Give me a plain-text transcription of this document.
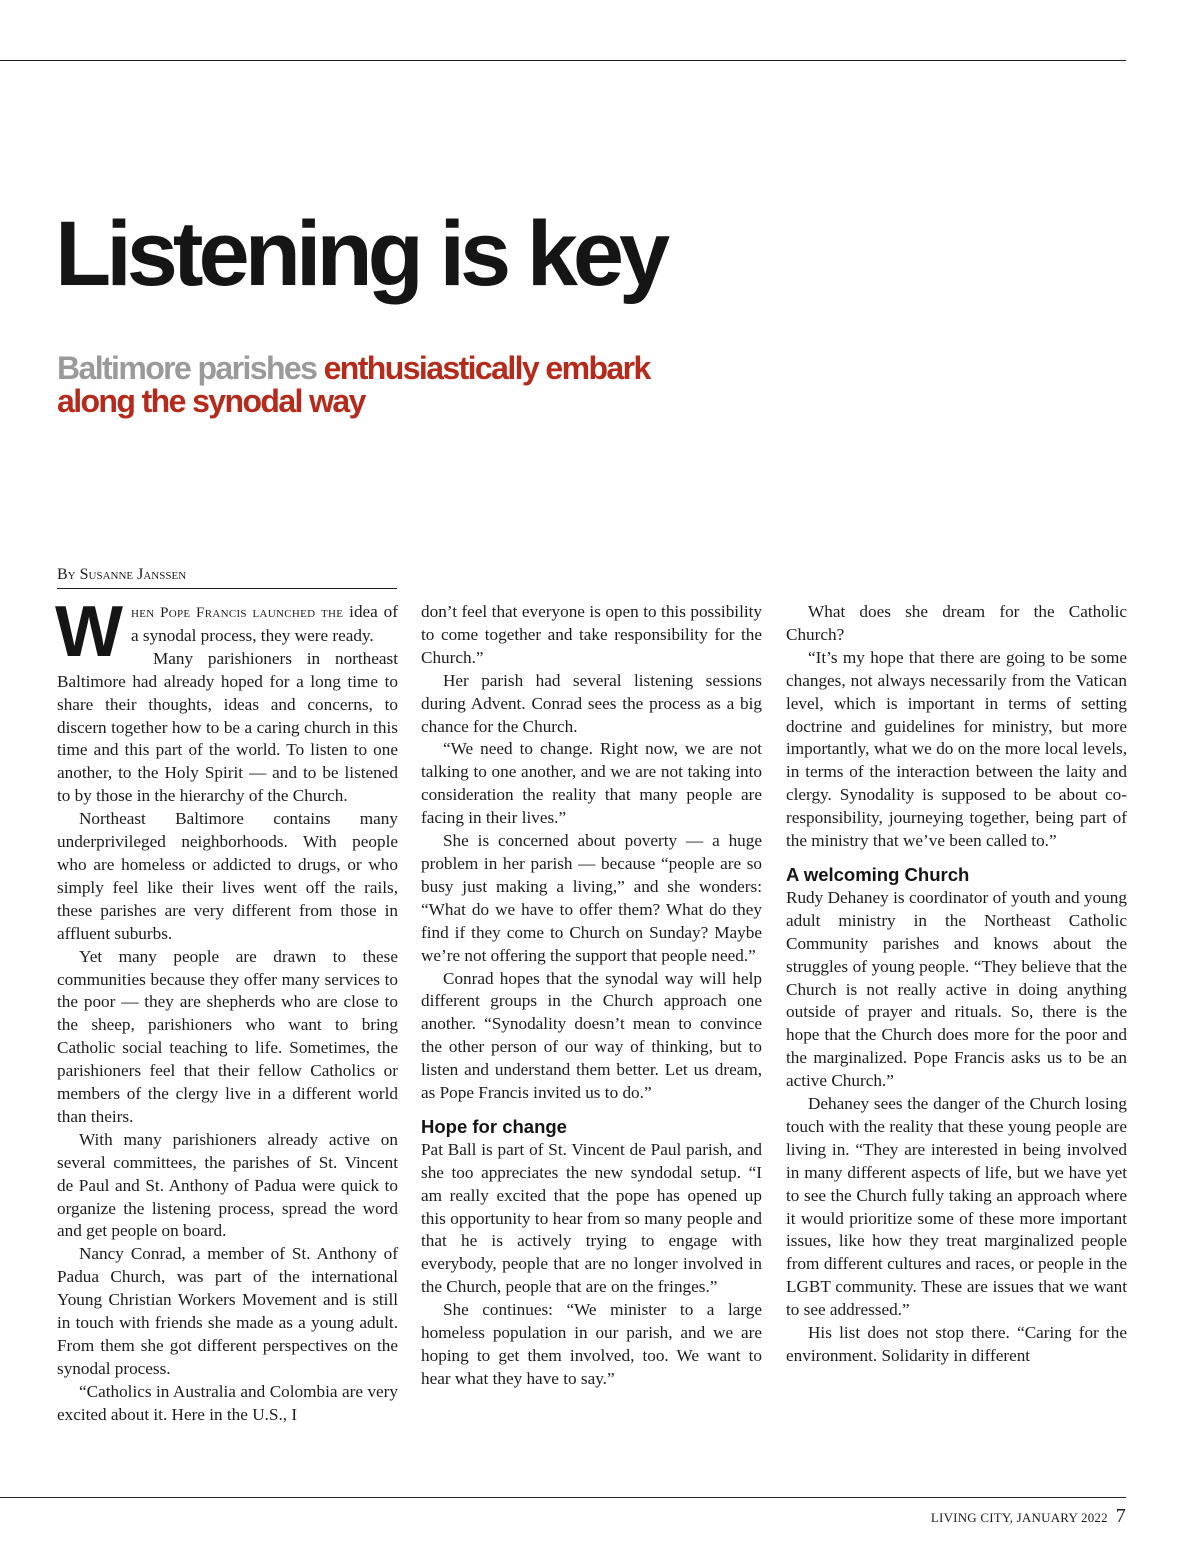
Listening is key
Baltimore parishes enthusiastically embark along the synodal way
By Susanne Janssen

When Pope Francis launched the idea of a synodal process, they were ready.

Many parishioners in northeast Baltimore had already hoped for a long time to share their thoughts, ideas and concerns, to discern together how to be a caring church in this time and this part of the world. To listen to one another, to the Holy Spirit — and to be listened to by those in the hierarchy of the Church.

Northeast Baltimore contains many underprivileged neighborhoods. With people who are homeless or addicted to drugs, or who simply feel like their lives went off the rails, these parishes are very different from those in affluent suburbs.

Yet many people are drawn to these communities because they offer many services to the poor — they are shepherds who are close to the sheep, parishioners who want to bring Catholic social teaching to life. Sometimes, the parishioners feel that their fellow Catholics or members of the clergy live in a different world than theirs.

With many parishioners already active on several committees, the parishes of St. Vincent de Paul and St. Anthony of Padua were quick to organize the listening process, spread the word and get people on board.

Nancy Conrad, a member of St. Anthony of Padua Church, was part of the international Young Christian Workers Movement and is still in touch with friends she made as a young adult. From them she got different perspectives on the synodal process.

“Catholics in Australia and Colombia are very excited about it. Here in the U.S., I

don’t feel that everyone is open to this possibility to come together and take responsibility for the Church.”

Her parish had several listening sessions during Advent. Conrad sees the process as a big chance for the Church.

“We need to change. Right now, we are not talking to one another, and we are not taking into consideration the reality that many people are facing in their lives.”

She is concerned about poverty — a huge problem in her parish — because “people are so busy just making a living,” and she wonders: “What do we have to offer them? What do they find if they come to Church on Sunday? Maybe we’re not offering the support that people need.”

Conrad hopes that the synodal way will help different groups in the Church approach one another. “Synodality doesn’t mean to convince the other person of our way of thinking, but to listen and understand them better. Let us dream, as Pope Francis invited us to do.”

Hope for change

Pat Ball is part of St. Vincent de Paul parish, and she too appreciates the new syndodal setup. “I am really excited that the pope has opened up this opportunity to hear from so many people and that he is actively trying to engage with everybody, people that are no longer involved in the Church, people that are on the fringes.”

She continues: “We minister to a large homeless population in our parish, and we are hoping to get them involved, too. We want to hear what they have to say.”

What does she dream for the Catholic Church?

“It’s my hope that there are going to be some changes, not always necessarily from the Vatican level, which is important in terms of setting doctrine and guidelines for ministry, but more importantly, what we do on the more local levels, in terms of the interaction between the laity and clergy. Synodality is supposed to be about co-responsibility, journeying together, being part of the ministry that we’ve been called to.”

A welcoming Church

Rudy Dehaney is coordinator of youth and young adult ministry in the Northeast Catholic Community parishes and knows about the struggles of young people. “They believe that the Church is not really active in doing anything outside of prayer and rituals. So, there is the hope that the Church does more for the poor and the marginalized. Pope Francis asks us to be an active Church.”

Dehaney sees the danger of the Church losing touch with the reality that these young people are living in. “They are interested in being involved in many different aspects of life, but we have yet to see the Church fully taking an approach where it would prioritize some of these more important issues, like how they treat marginalized people from different cultures and races, or people in the LGBT community. These are issues that we want to see addressed.”

His list does not stop there. “Caring for the environment. Solidarity in different

LIVING CITY, JANUARY 2022 7
